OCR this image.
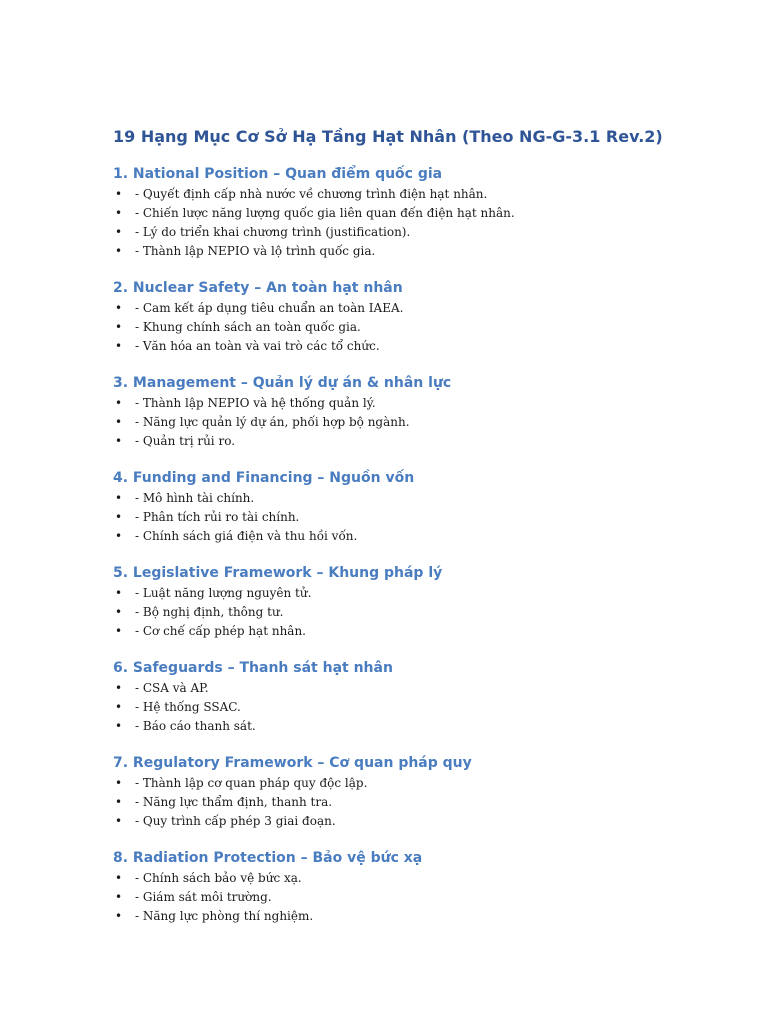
19 Hạng Mục Cơ Sở Hạ Tầng Hạt Nhân (Theo NG-G-3.1 Rev.2)
1. National Position – Quan điểm quốc gia
• - Quyết định cấp nhà nước về chương trình điện hạt nhân.
• - Chiến lược năng lượng quốc gia liên quan đến điện hạt nhân.
• - Lý do triển khai chương trình (justification).
• - Thành lập NEPIO và lộ trình quốc gia.
2. Nuclear Safety – An toàn hạt nhân
• - Cam kết áp dụng tiêu chuẩn an toàn IAEA.
• - Khung chính sách an toàn quốc gia.
• - Văn hóa an toàn và vai trò các tổ chức.
3. Management – Quản lý dự án & nhân lực
• - Thành lập NEPIO và hệ thống quản lý.
• - Năng lực quản lý dự án, phối hợp bộ ngành.
• - Quản trị rủi ro.
4. Funding and Financing – Nguồn vốn
• - Mô hình tài chính.
• - Phân tích rủi ro tài chính.
• - Chính sách giá điện và thu hồi vốn.
5. Legislative Framework – Khung pháp lý
• - Luật năng lượng nguyên tử.
• - Bộ nghị định, thông tư.
• - Cơ chế cấp phép hạt nhân.
6. Safeguards – Thanh sát hạt nhân
• - CSA và AP.
• - Hệ thống SSAC.
• - Báo cáo thanh sát.
7. Regulatory Framework – Cơ quan pháp quy
• - Thành lập cơ quan pháp quy độc lập.
• - Năng lực thẩm định, thanh tra.
• - Quy trình cấp phép 3 giai đoạn.
8. Radiation Protection – Bảo vệ bức xạ
• - Chính sách bảo vệ bức xạ.
• - Giám sát môi trường.
• - Năng lực phòng thí nghiệm.
